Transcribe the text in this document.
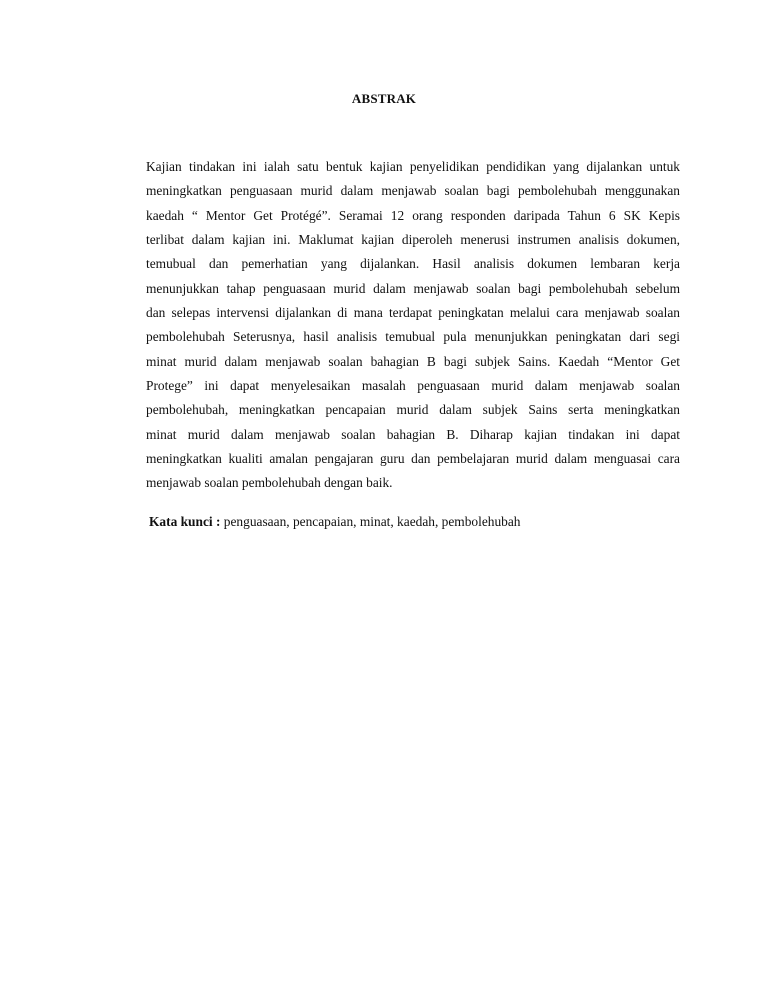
ABSTRAK
Kajian tindakan ini ialah satu bentuk kajian penyelidikan pendidikan yang dijalankan untuk
meningkatkan penguasaan murid dalam menjawab soalan bagi pembolehubah menggunakan
kaedah “ Mentor Get Protégé”. Seramai 12 orang responden daripada Tahun 6 SK Kepis
terlibat dalam kajian ini. Maklumat kajian diperoleh menerusi instrumen analisis dokumen,
temubual dan pemerhatian yang dijalankan. Hasil analisis dokumen lembaran kerja
menunjukkan tahap penguasaan murid dalam menjawab soalan bagi pembolehubah sebelum
dan selepas intervensi dijalankan di mana terdapat peningkatan melalui cara menjawab soalan
pembolehubah Seterusnya, hasil analisis temubual pula menunjukkan peningkatan dari segi
minat murid dalam menjawab soalan bahagian B bagi subjek Sains. Kaedah “Mentor Get
Protege” ini dapat menyelesaikan masalah penguasaan murid dalam menjawab soalan
pembolehubah, meningkatkan pencapaian murid dalam subjek Sains serta meningkatkan
minat murid dalam menjawab soalan bahagian B. Diharap kajian tindakan ini dapat
meningkatkan kualiti amalan pengajaran guru dan pembelajaran murid dalam menguasai cara
menjawab soalan pembolehubah dengan baik.
Kata kunci : penguasaan, pencapaian, minat, kaedah, pembolehubah
